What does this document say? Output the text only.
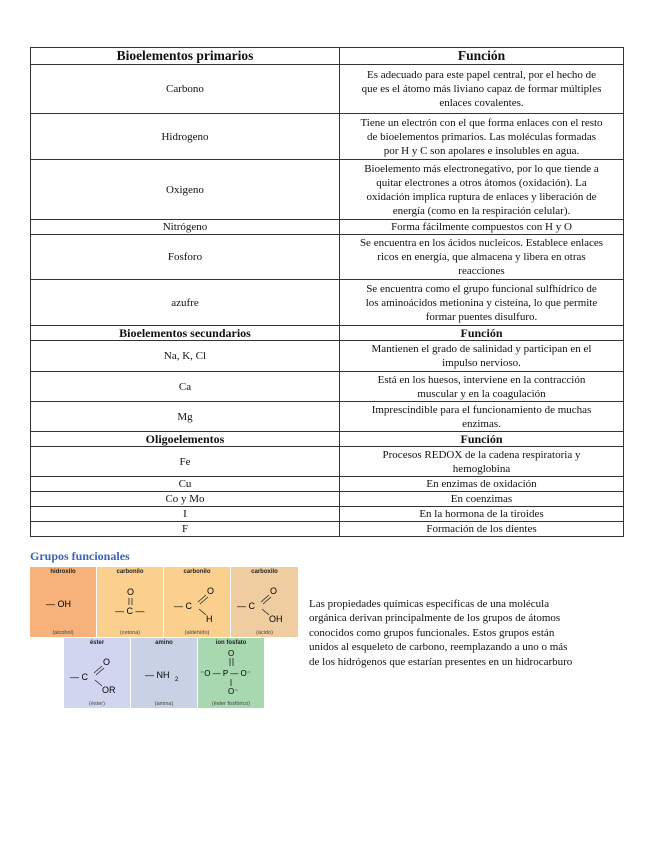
Bioelementos primarios	Función
Carbono	Es adecuado para este papel central, por el hecho de
que es el átomo más liviano capaz de formar múltiples
enlaces covalentes.

Hidrogeno	Tiene un electrón con el que forma enlaces con el resto
de bioelementos primarios. Las moléculas formadas
por H y C son apolares e insolubles en agua.

Oxigeno	Bioelemento más electronegativo, por lo que tiende a
quitar electrones a otros átomos (oxidación). La
oxidación implica ruptura de enlaces y liberación de
energía (como en la respiración celular).

Nitrógeno	Forma fácilmente compuestos con H y O

Fosforo	Se encuentra en los ácidos nucleicos. Establece enlaces
ricos en energía, que almacena y libera en otras
reacciones

azufre	Se encuentra como el grupo funcional sulfhídrico de
los aminoácidos metionina y cisteína, lo que permite
formar puentes disulfuro.

Bioelementos secundarios	Función
Na, K, Cl	Mantienen el grado de salinidad y participan en el
impulso nervioso.

Ca	Está en los huesos, interviene en la contracción
muscular y en la coagulación

Mg	Imprescindible para el funcionamiento de muchas
enzimas.

Oligoelementos	Función
Fe	Procesos REDOX de la cadena respiratoria y
hemoglobina

Cu	En enzimas de oxidación

Co y Mo	En coenzimas

I	En la hormona de la tiroides

F	Formación de los dientes
Grupos funcionales
hidroxilo
— OH
(alcohol)
carbonilo
O
— C —
(cetona)
carbonilo
— C
O
H
(aldehído)
carboxilo
— C
O
OH
(ácido)
éster
— C
O
OR
(éster)
amino
— NH 2
(amina)
ion fosfato
O
⁻O — P — O⁻
O⁻
(éster fosfórico)

Las propiedades químicas específicas de una molécula

orgánica derivan principalmente de los grupos de átomos

conocidos como grupos funcionales. Estos grupos están

unidos al esqueleto de carbono, reemplazando a uno o más

de los hidrógenos que estarían presentes en un hidrocarburo
